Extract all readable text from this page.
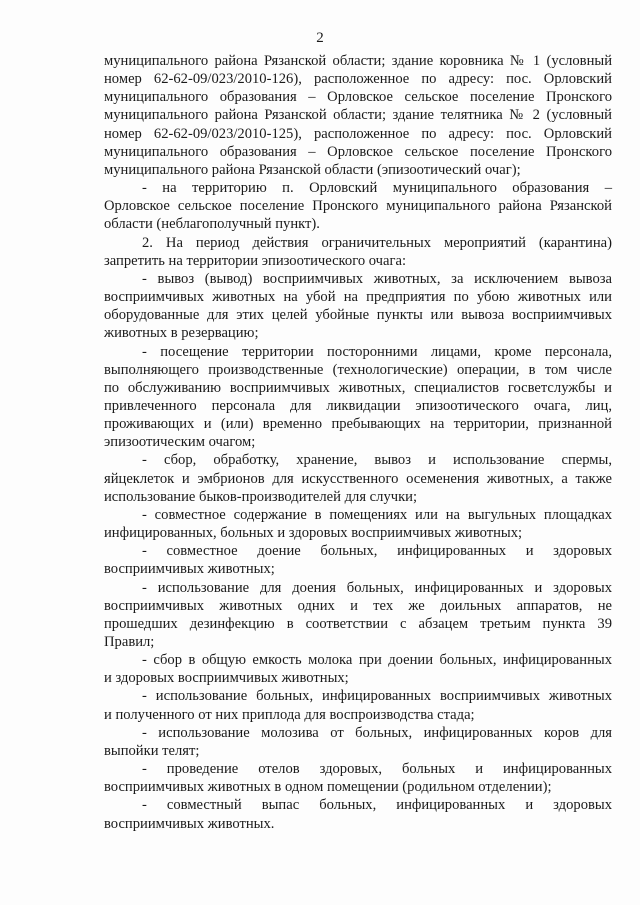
2

муниципального района Рязанской области; здание коровника № 1 (условный
номер 62-62-09/023/2010-126), расположенное по адресу: пос. Орловский
муниципального образования – Орловское сельское поселение Пронского
муниципального района Рязанской области; здание телятника № 2 (условный
номер 62-62-09/023/2010-125), расположенное по адресу: пос. Орловский
муниципального образования – Орловское сельское поселение Пронского
муниципального района Рязанской области (эпизоотический очаг);

- на территорию п. Орловский муниципального образования –
Орловское сельское поселение Пронского муниципального района Рязанской
области (неблагополучный пункт).

2. На период действия ограничительных мероприятий (карантина)
запретить на территории эпизоотического очага:

- вывоз (вывод) восприимчивых животных, за исключением вывоза
восприимчивых животных на убой на предприятия по убою животных или
оборудованные для этих целей убойные пункты или вывоза восприимчивых
животных в резервацию;

- посещение территории посторонними лицами, кроме персонала,
выполняющего производственные (технологические) операции, в том числе
по обслуживанию восприимчивых животных, специалистов госветслужбы и
привлеченного персонала для ликвидации эпизоотического очага, лиц,
проживающих и (или) временно пребывающих на территории, признанной
эпизоотическим очагом;

- сбор, обработку, хранение, вывоз и использование спермы,
яйцеклеток и эмбрионов для искусственного осеменения животных, а также
использование быков-производителей для случки;

- совместное содержание в помещениях или на выгульных площадках
инфицированных, больных и здоровых восприимчивых животных;

- совместное доение больных, инфицированных и здоровых
восприимчивых животных;

- использование для доения больных, инфицированных и здоровых
восприимчивых животных одних и тех же доильных аппаратов, не
прошедших дезинфекцию в соответствии с абзацем третьим пункта 39
Правил;

- сбор в общую емкость молока при доении больных, инфицированных
и здоровых восприимчивых животных;

- использование больных, инфицированных восприимчивых животных
и полученного от них приплода для воспроизводства стада;

- использование молозива от больных, инфицированных коров для
выпойки телят;

- проведение отелов здоровых, больных и инфицированных
восприимчивых животных в одном помещении (родильном отделении);

- совместный выпас больных, инфицированных и здоровых
восприимчивых животных.
